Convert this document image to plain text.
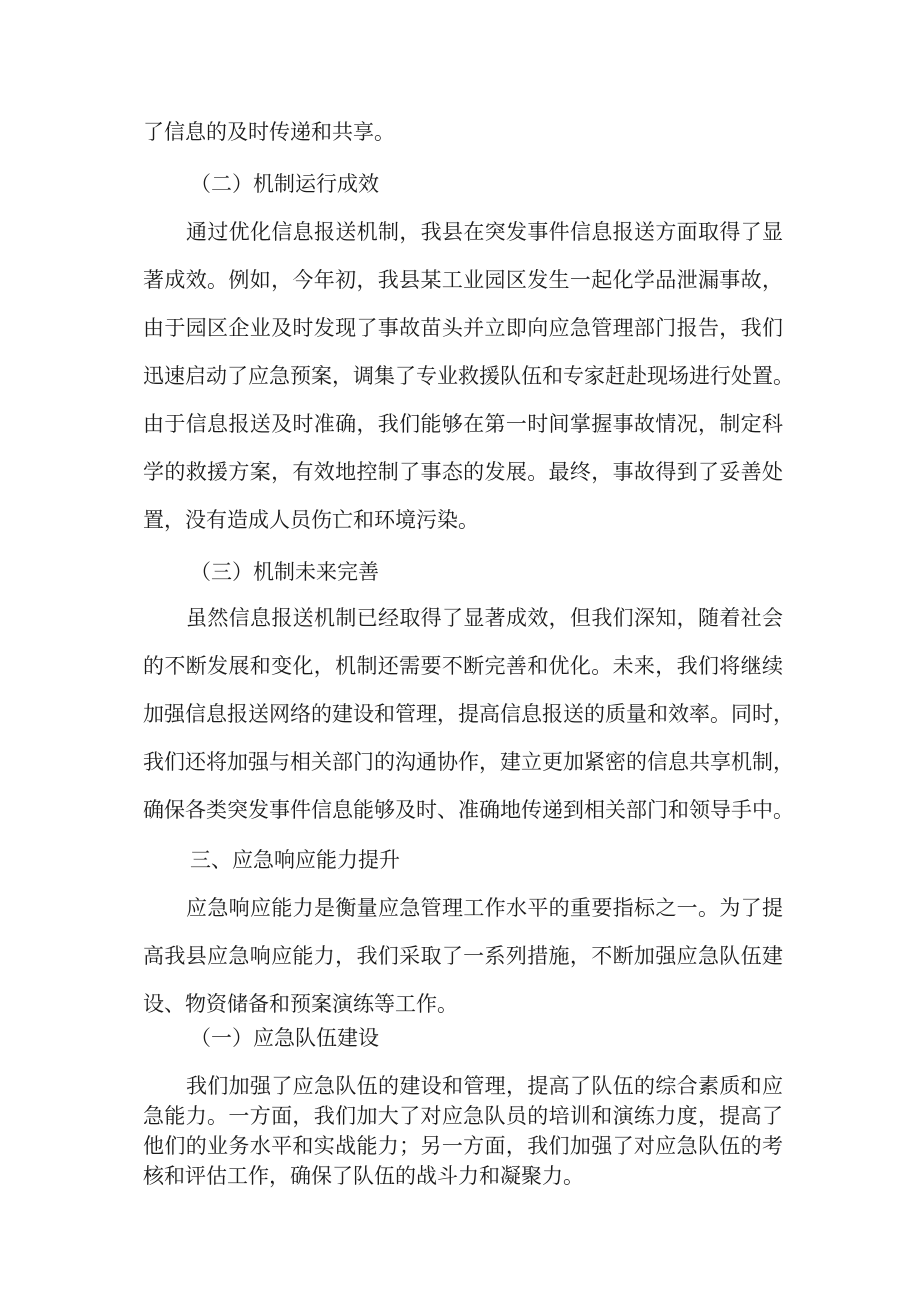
了信息的及时传递和共享。

（二）机制运行成效

通过优化信息报送机制，我县在突发事件信息报送方面取得了显

著成效。例如，今年初，我县某工业园区发生一起化学品泄漏事故，

由于园区企业及时发现了事故苗头并立即向应急管理部门报告，我们

迅速启动了应急预案，调集了专业救援队伍和专家赶赴现场进行处置。

由于信息报送及时准确，我们能够在第一时间掌握事故情况，制定科

学的救援方案，有效地控制了事态的发展。最终，事故得到了妥善处

置，没有造成人员伤亡和环境污染。

（三）机制未来完善

虽然信息报送机制已经取得了显著成效，但我们深知，随着社会

的不断发展和变化，机制还需要不断完善和优化。未来，我们将继续

加强信息报送网络的建设和管理，提高信息报送的质量和效率。同时，

我们还将加强与相关部门的沟通协作，建立更加紧密的信息共享机制，

确保各类突发事件信息能够及时、准确地传递到相关部门和领导手中。

三、应急响应能力提升

应急响应能力是衡量应急管理工作水平的重要指标之一。为了提

高我县应急响应能力，我们采取了一系列措施，不断加强应急队伍建

设、物资储备和预案演练等工作。

（一）应急队伍建设

我们加强了应急队伍的建设和管理，提高了队伍的综合素质和应

急能力。一方面，我们加大了对应急队员的培训和演练力度，提高了

他们的业务水平和实战能力；另一方面，我们加强了对应急队伍的考

核和评估工作，确保了队伍的战斗力和凝聚力。
